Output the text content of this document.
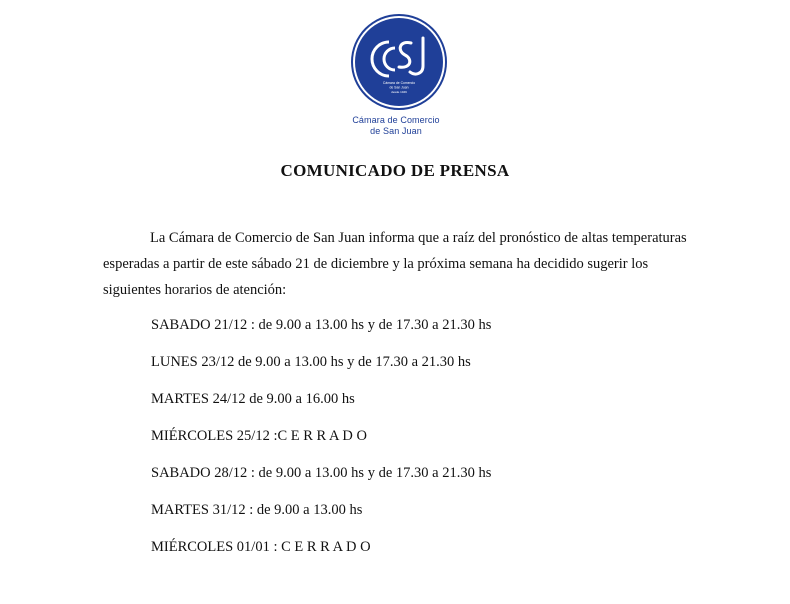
Cámara de Comercio
de San Juan
desde 1949
Cámara de Comercio
de San Juan
COMUNICADO DE PRENSA

La Cámara de Comercio de San Juan informa que a raíz del pronóstico de altas temperaturas esperadas a partir de este sábado 21 de diciembre y la próxima semana ha decidido sugerir los siguientes horarios de atención:

SABADO 21/12 : de 9.00 a 13.00 hs y de 17.30 a 21.30 hs
LUNES 23/12 de 9.00 a 13.00 hs y de 17.30 a 21.30 hs
MARTES 24/12 de 9.00 a 16.00 hs
MIÉRCOLES 25/12 :C E R R A D O
SABADO 28/12 : de 9.00 a 13.00 hs y de 17.30 a 21.30 hs
MARTES 31/12 : de 9.00 a 13.00 hs
MIÉRCOLES 01/01 : C E R R A D O
